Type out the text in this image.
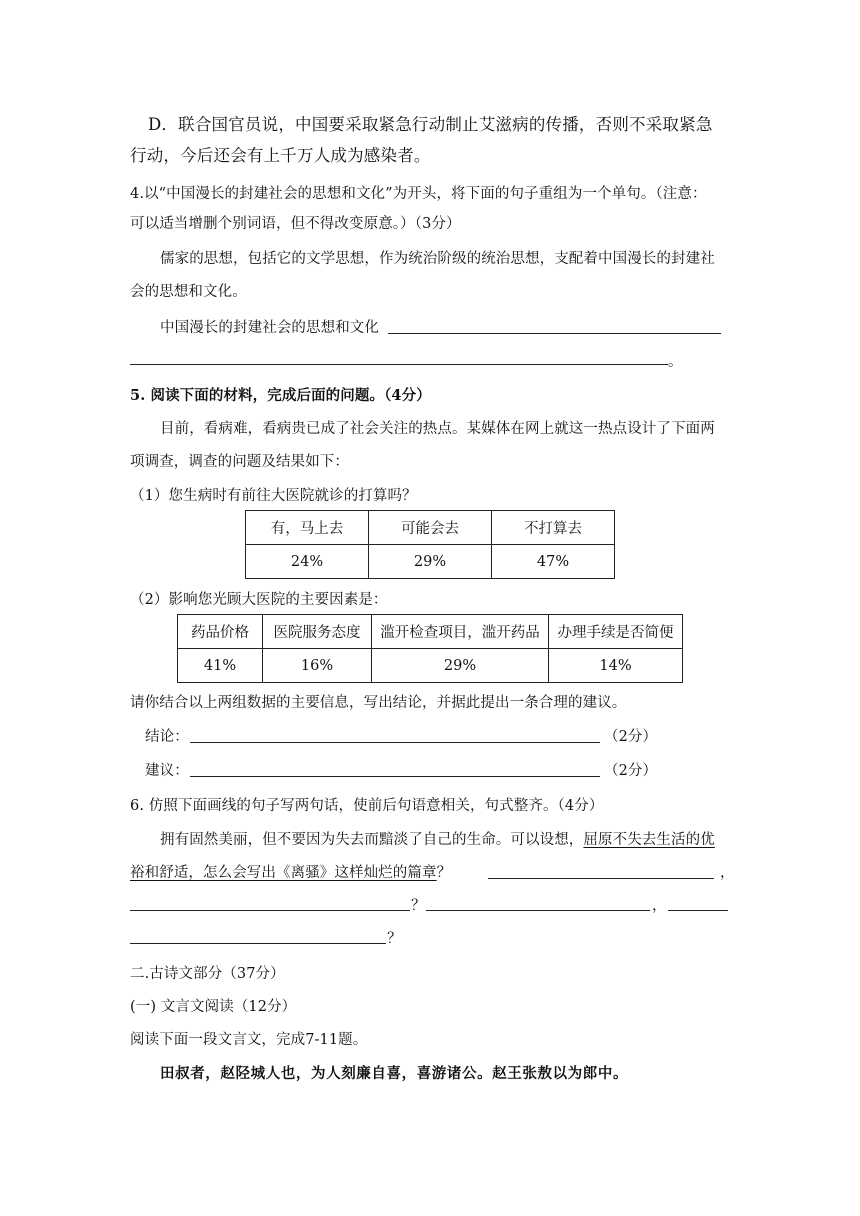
D．联合国官员说，中国要采取紧急行动制止艾滋病的传播，否则不采取紧急
行动，今后还会有上千万人成为感染者。
4.以“中国漫长的封建社会的思想和文化”为开头，将下面的句子重组为一个单句。（注意：
可以适当增删个别词语，但不得改变原意。）（3分）
儒家的思想，包括它的文学思想，作为统治阶级的统治思想，支配着中国漫长的封建社
会的思想和文化。
中国漫长的封建社会的思想和文化
。
5. 阅读下面的材料，完成后面的问题。（4分）
目前，看病难，看病贵已成了社会关注的热点。某媒体在网上就这一热点设计了下面两
项调查，调查的问题及结果如下：
（1）您生病时有前往大医院就诊的打算吗？
有，马上去	可能会去	不打算去
24%	29%	47%
（2）影响您光顾大医院的主要因素是：
药品价格	医院服务态度	滥开检查项目，滥开药品	办理手续是否简便
41%	16%	29%	14%
请你结合以上两组数据的主要信息，写出结论，并据此提出一条合理的建议。
结论：	（2分）
建议：	（2分）
6. 仿照下面画线的句子写两句话，使前后句语意相关，句式整齐。（4分）
拥有固然美丽，但不要因为失去而黯淡了自己的生命。可以设想，屈原不失去生活的优
裕和舒适，怎么会写出《离骚》这样灿烂的篇章？	，
？	，
？
二.古诗文部分（37分）
(一) 文言文阅读（12分）
阅读下面一段文言文，完成7-11题。
田叔者，赵陉城人也，为人刻廉自喜，喜游诸公。赵王张敖以为郎中。
